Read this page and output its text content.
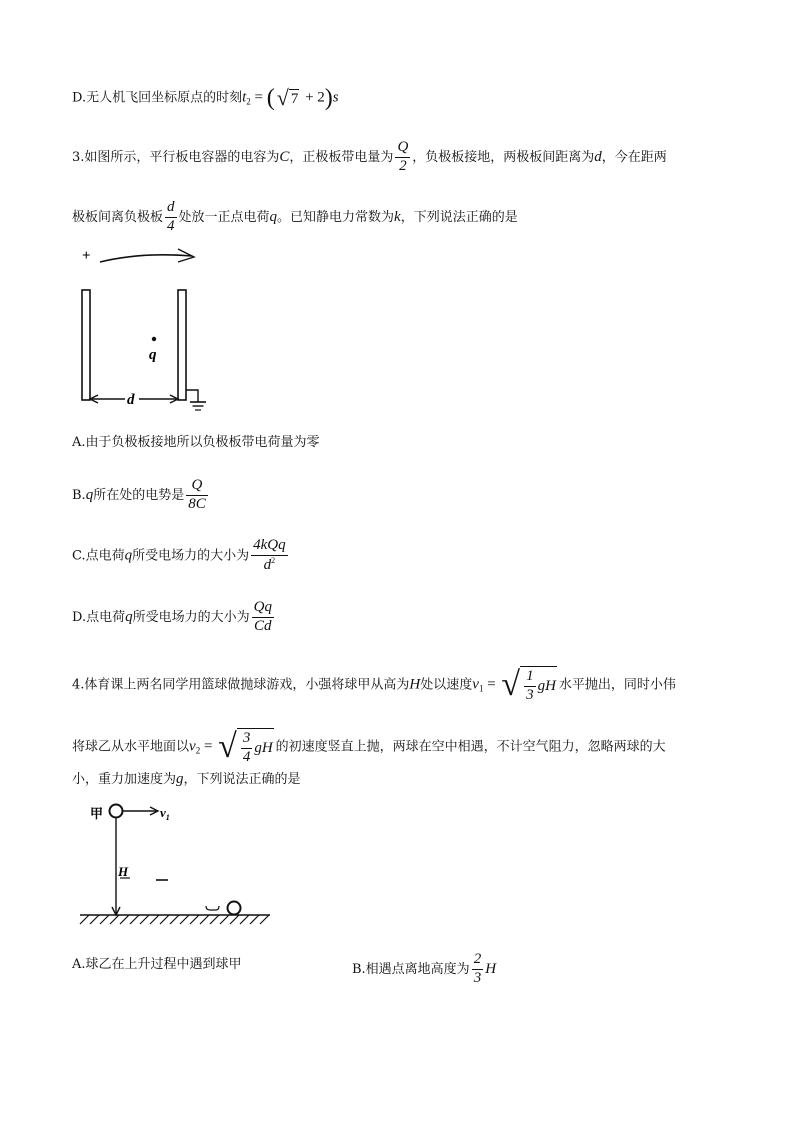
D.无人机飞回坐标原点的时刻$t_2$ = (√ 7 + 2)s
3.如图所示，平行板电容器的电容为C，正极板带电量为 $\frac{Q}{2}$ ，负极板接地，两极板间距离为d，今在距两
极板间离负极板 $\frac{d}{4}$ 处放一正点电荷q。已知静电力常数为k，下列说法正确的是
+	−
q
d
A.由于负极板接地所以负极板带电荷量为零
B.q所在处的电势是 $\frac{Q}{8C}$
C.点电荷q所受电场力的大小为 $\frac{\text{4kQq}}{d^2}$
D.点电荷q所受电场力的大小为 $\frac{Qq}{Cd}$
4.体育课上两名同学用篮球做抛球游戏，小强将球甲从高为H处以速度$v_1$ = √ $\frac{1}{3}$ gH 水平抛出，同时小伟
将球乙从水平地面以$v_2$ = √ $\frac{3}{4}$ gH 的初速度竖直上抛，两球在空中相遇，不计空气阻力，忽略两球的大
小，重力加速度为g，下列说法正确的是
甲	$v_1$
H
A.球乙在上升过程中遇到球甲	B.相遇点离地高度为 $\frac{2}{3}$ H
